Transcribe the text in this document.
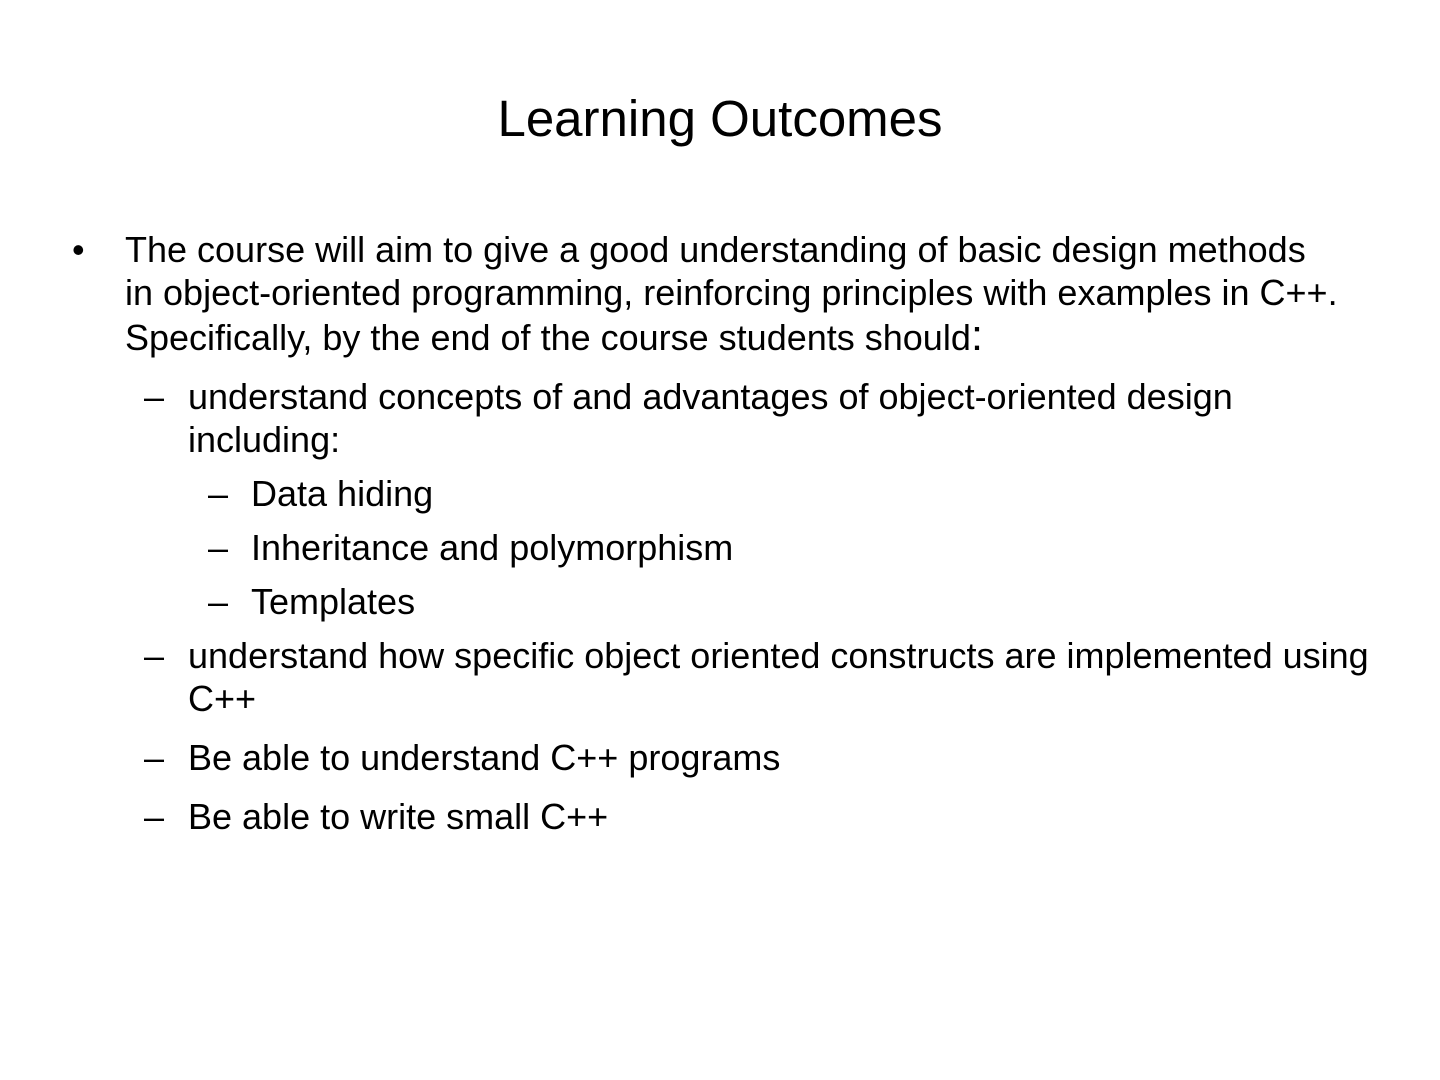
Learning Outcomes
• The course will aim to give a good understanding of basic design methods in object-oriented programming, reinforcing principles with examples in C++. Specifically, by the end of the course students should:
– understand concepts of and advantages of object-oriented design including:
– Data hiding
– Inheritance and polymorphism
– Templates
– understand how specific object oriented constructs are implemented using C++
– Be able to understand C++ programs
– Be able to write small C++
